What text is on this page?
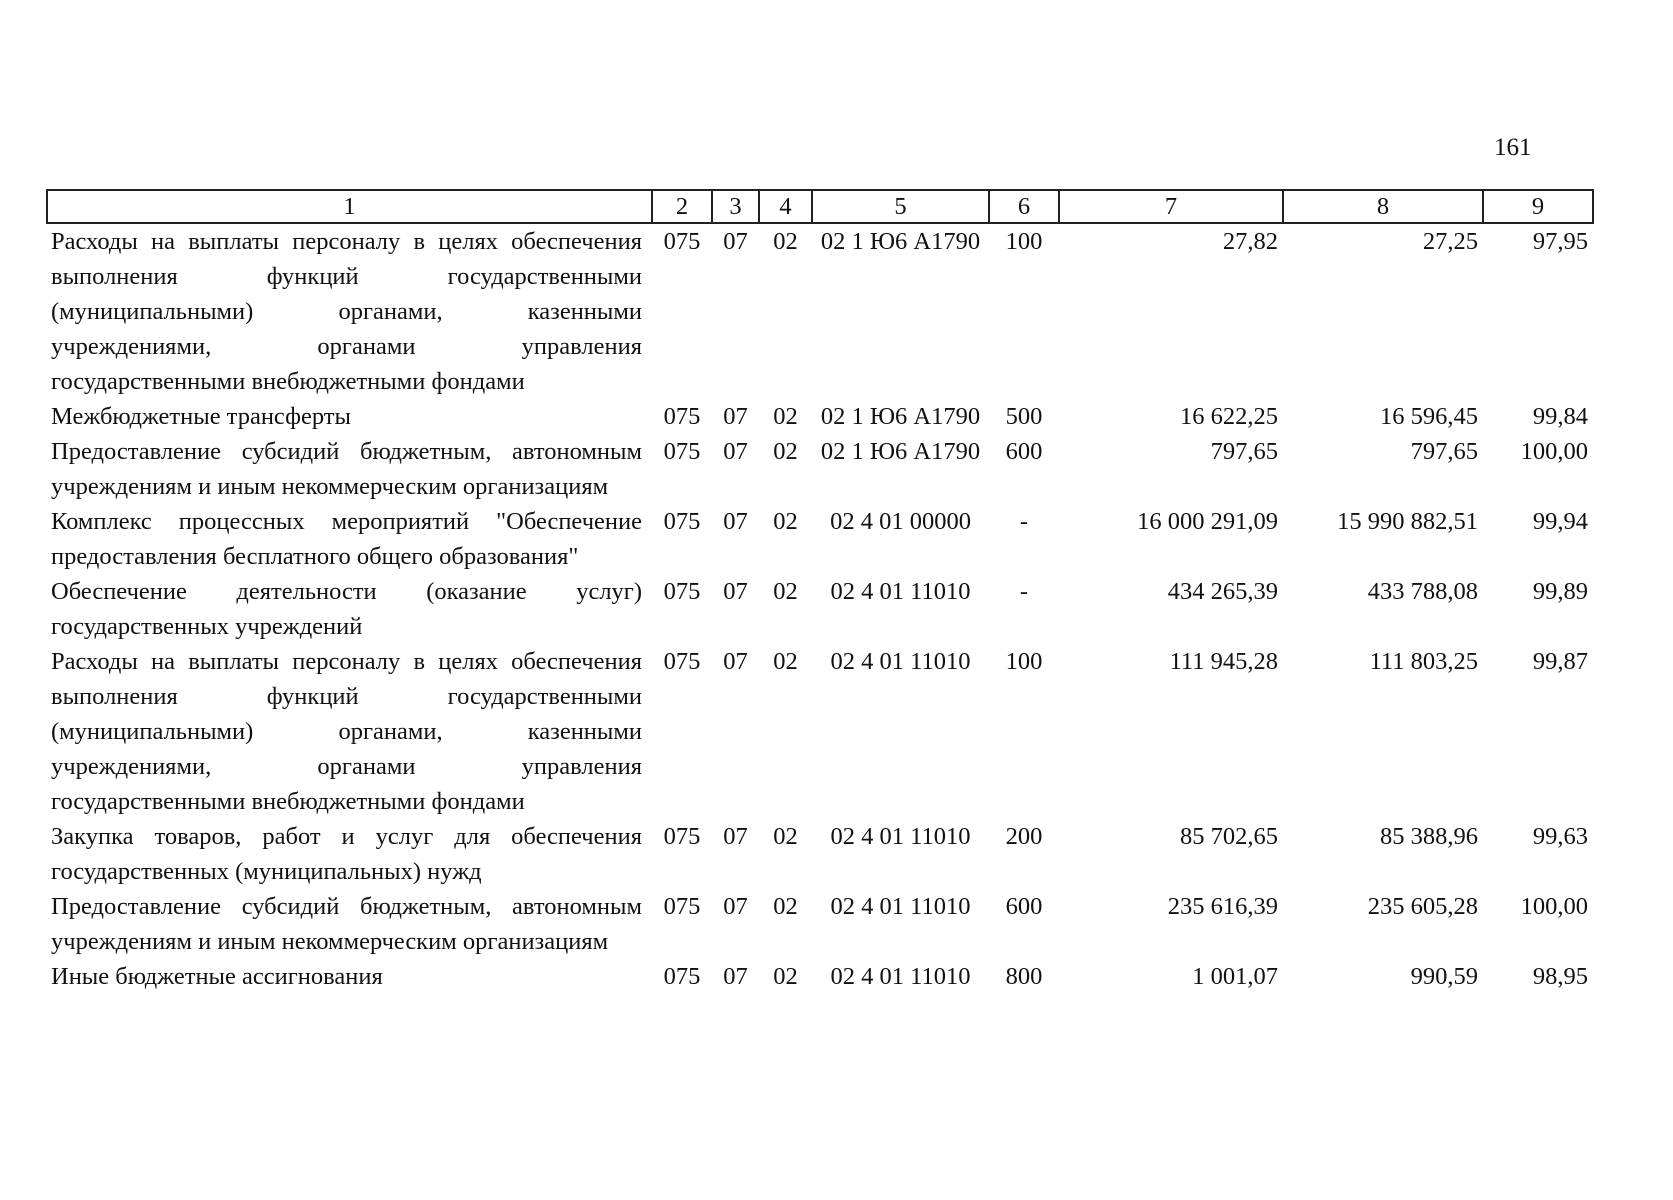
161
1	2	3	4	5	6	7	8	9
Расходы на выплаты персоналу в целях обеспечения выполнения функций государственными (муниципальными) органами, казенными учреждениями, органами управления государственными внебюджетными фондами	075	07	02	02 1 Ю6 А1790	100	27,82	27,25	97,95
Межбюджетные трансферты	075	07	02	02 1 Ю6 А1790	500	16 622,25	16 596,45	99,84
Предоставление субсидий бюджетным, автономным учреждениям и иным некоммерческим организациям	075	07	02	02 1 Ю6 А1790	600	797,65	797,65	100,00
Комплекс процессных мероприятий "Обеспечение предоставления бесплатного общего образования"	075	07	02	02 4 01 00000	-	16 000 291,09	15 990 882,51	99,94
Обеспечение деятельности (оказание услуг) государственных учреждений	075	07	02	02 4 01 11010	-	434 265,39	433 788,08	99,89
Расходы на выплаты персоналу в целях обеспечения выполнения функций государственными (муниципальными) органами, казенными учреждениями, органами управления государственными внебюджетными фондами	075	07	02	02 4 01 11010	100	111 945,28	111 803,25	99,87
Закупка товаров, работ и услуг для обеспечения государственных (муниципальных) нужд	075	07	02	02 4 01 11010	200	85 702,65	85 388,96	99,63
Предоставление субсидий бюджетным, автономным учреждениям и иным некоммерческим организациям	075	07	02	02 4 01 11010	600	235 616,39	235 605,28	100,00
Иные бюджетные ассигнования	075	07	02	02 4 01 11010	800	1 001,07	990,59	98,95
